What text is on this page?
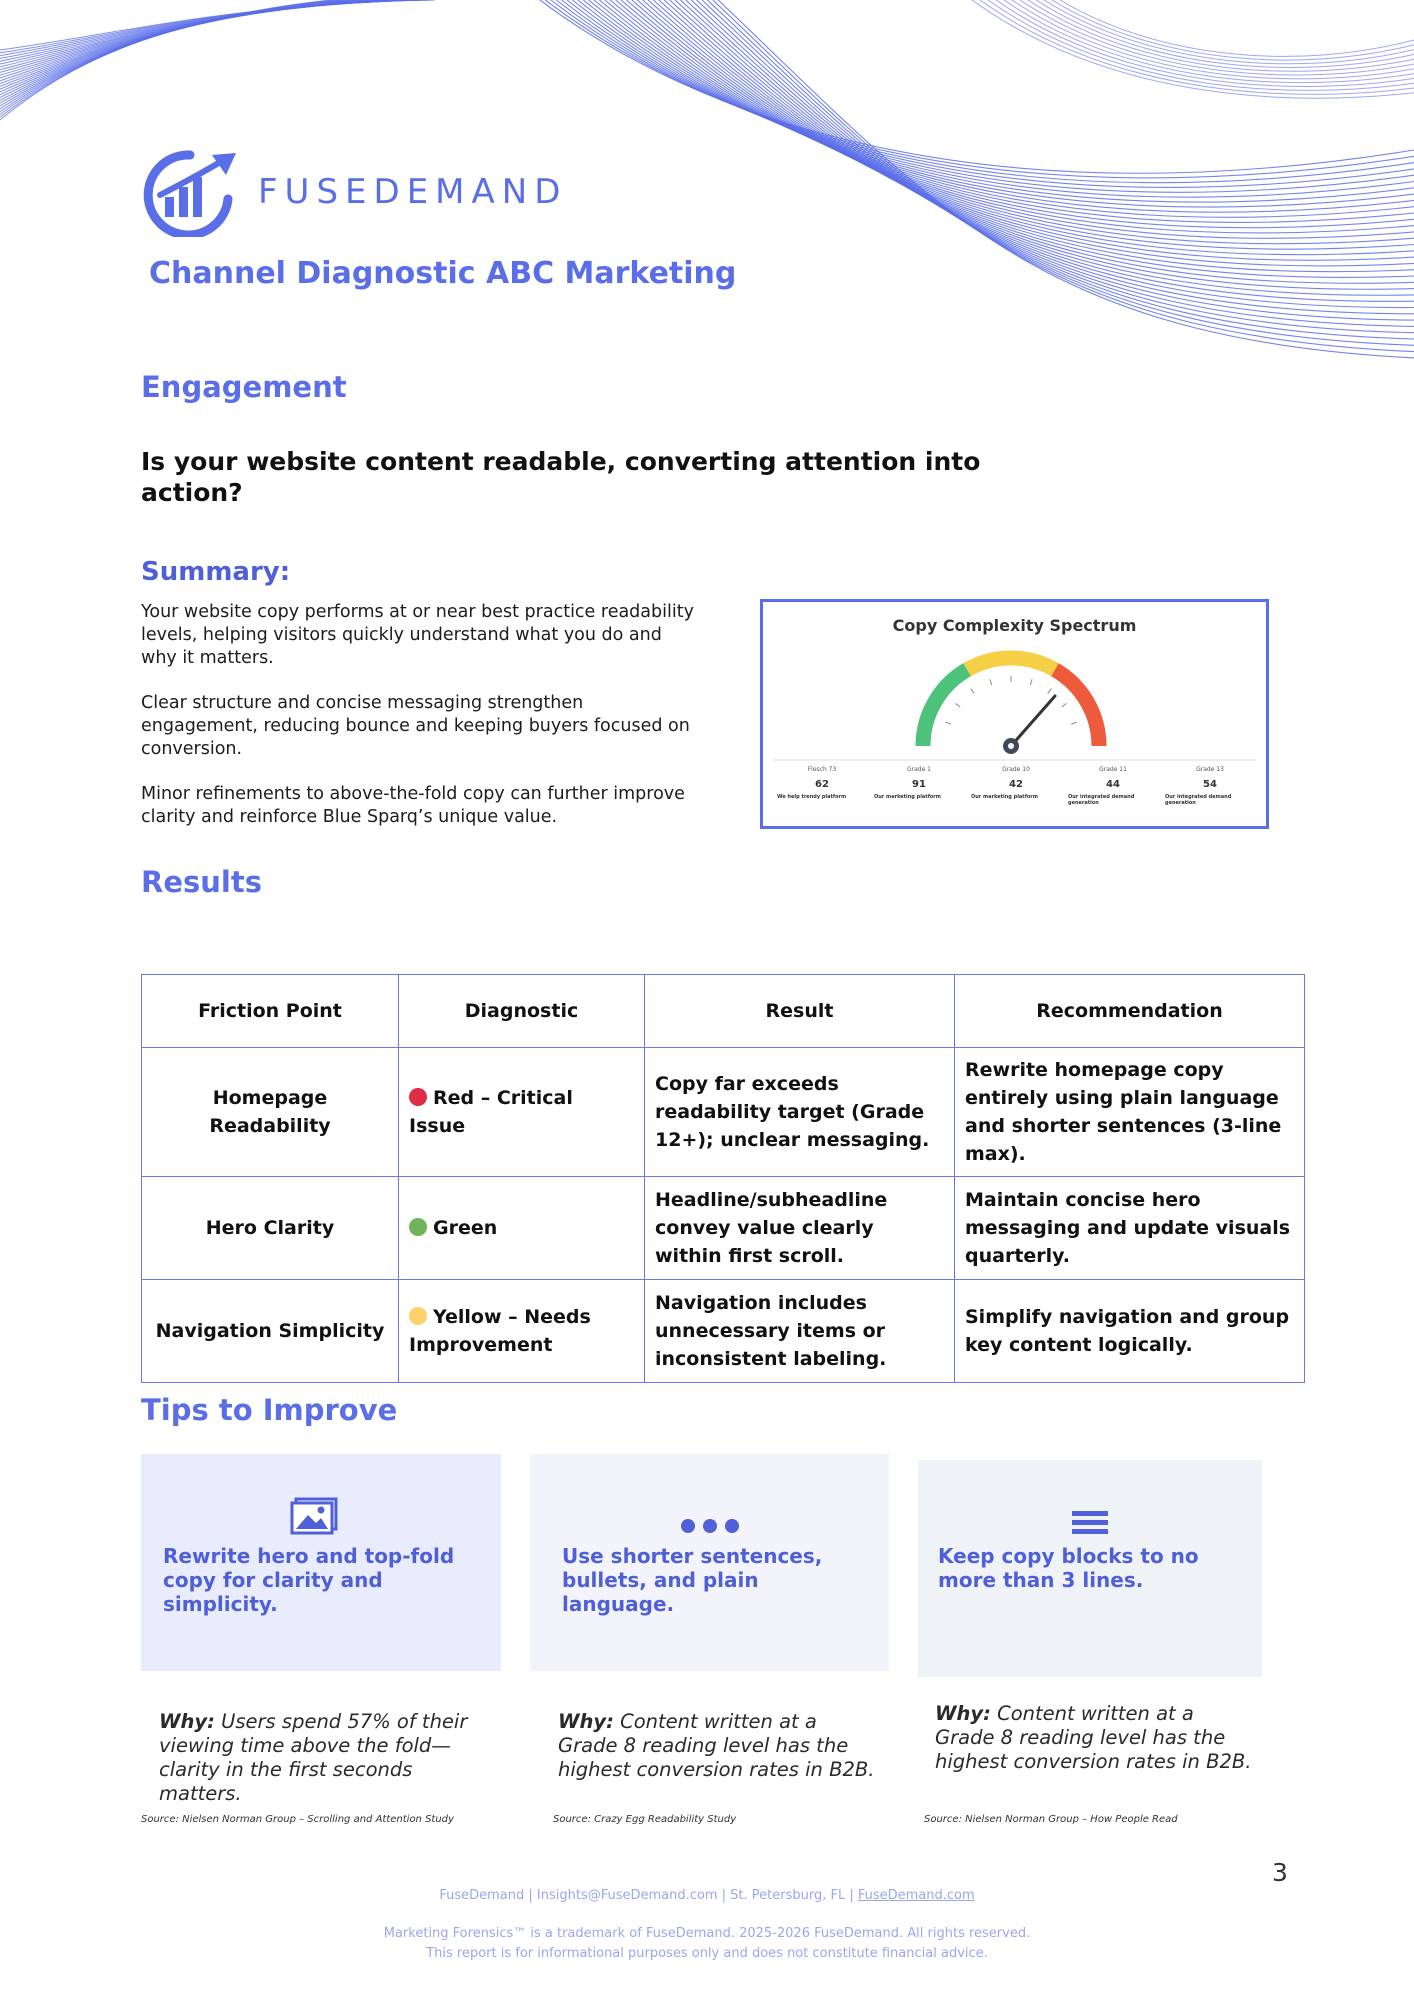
FUSEDEMAND
Channel Diagnostic ABC Marketing
Engagement
Is your website content readable, converting attention into action?
Summary:
Your website copy performs at or near best practice readability levels, helping visitors quickly understand what you do and why it matters.
Clear structure and concise messaging strengthen engagement, reducing bounce and keeping buyers focused on conversion.
Minor refinements to above-the-fold copy can further improve clarity and reinforce Blue Sparq’s unique value.
Copy Complexity Spectrum
Flesch 73
62
We help trendy platform
Grade 1
91
Our marketing platform
Grade 10
42
Our marketing platform
Grade 11
44
Our integrated demand generation
Grade 13
54
Our integrated demand generation
Results
Friction Point	Diagnostic	Result	Recommendation
Homepage Readability	Red – Critical Issue	Copy far exceeds readability target (Grade 12+); unclear messaging.	Rewrite homepage copy entirely using plain language and shorter sentences (3-line max).
Hero Clarity	Green	Headline/subheadline convey value clearly within first scroll.	Maintain concise hero messaging and update visuals quarterly.
Navigation Simplicity	Yellow – Needs Improvement	Navigation includes unnecessary items or inconsistent labeling.	Simplify navigation and group key content logically.
Tips to Improve
Rewrite hero and top-fold copy for clarity and simplicity.
Use shorter sentences, bullets, and plain language.
Keep copy blocks to no more than 3 lines.
Why: Users spend 57% of their viewing time above the fold—clarity in the first seconds matters.
Why: Content written at a Grade 8 reading level has the highest conversion rates in B2B.
Why: Content written at a Grade 8 reading level has the highest conversion rates in B2B.
Source: Nielsen Norman Group – Scrolling and Attention Study	Source: Crazy Egg Readability Study	Source: Nielsen Norman Group – How People Read
3
FuseDemand | Insights@FuseDemand.com | St. Petersburg, FL | FuseDemand.com
Marketing Forensics™ is a trademark of FuseDemand. 2025-2026 FuseDemand. All rights reserved.
This report is for informational purposes only and does not constitute financial advice.
